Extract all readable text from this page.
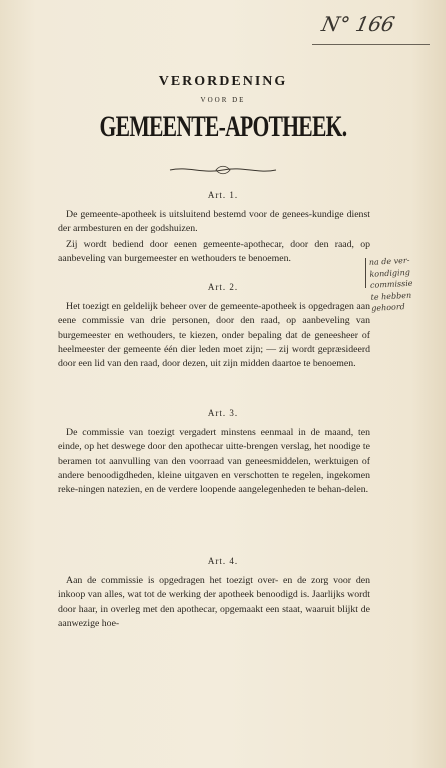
N° 166
VERORDENING
VOOR DE
GEMEENTE-APOTHEEK.
Art. 1.
De gemeente-apotheek is uitsluitend bestemd voor de genees-kundige dienst der armbesturen en der godshuizen.
Zij wordt bediend door eenen gemeente-apothecar, door den raad, op aanbeveling van burgemeester en wethouders te benoemen.	na de ver-
kondiging
commissie
te hebben
gehoord
Art. 2.
Het toezigt en geldelijk beheer over de gemeente-apotheek is opgedragen aan eene commissie van drie personen, door den raad, op aanbeveling van burgemeester en wethouders, te kiezen, onder bepaling dat de geneesheer of heelmeester der gemeente één dier leden moet zijn; — zij wordt gepræsideerd door een lid van den raad, door dezen, uit zijn midden daartoe te benoemen.
Art. 3.
De commissie van toezigt vergadert minstens eenmaal in de maand, ten einde, op het deswege door den apothecar uitte-brengen verslag, het noodige te beramen tot aanvulling van den voorraad van geneesmiddelen, werktuigen of andere benoodigdheden, kleine uitgaven en verschotten te regelen, ingekomen reke-ningen natezien, en de verdere loopende aangelegenheden te behan-delen.
Art. 4.
Aan de commissie is opgedragen het toezigt over- en de zorg voor den inkoop van alles, wat tot de werking der apotheek benoodigd is. Jaarlijks wordt door haar, in overleg met den apothecar, opgemaakt een staat, waaruit blijkt de aanwezige hoe-
